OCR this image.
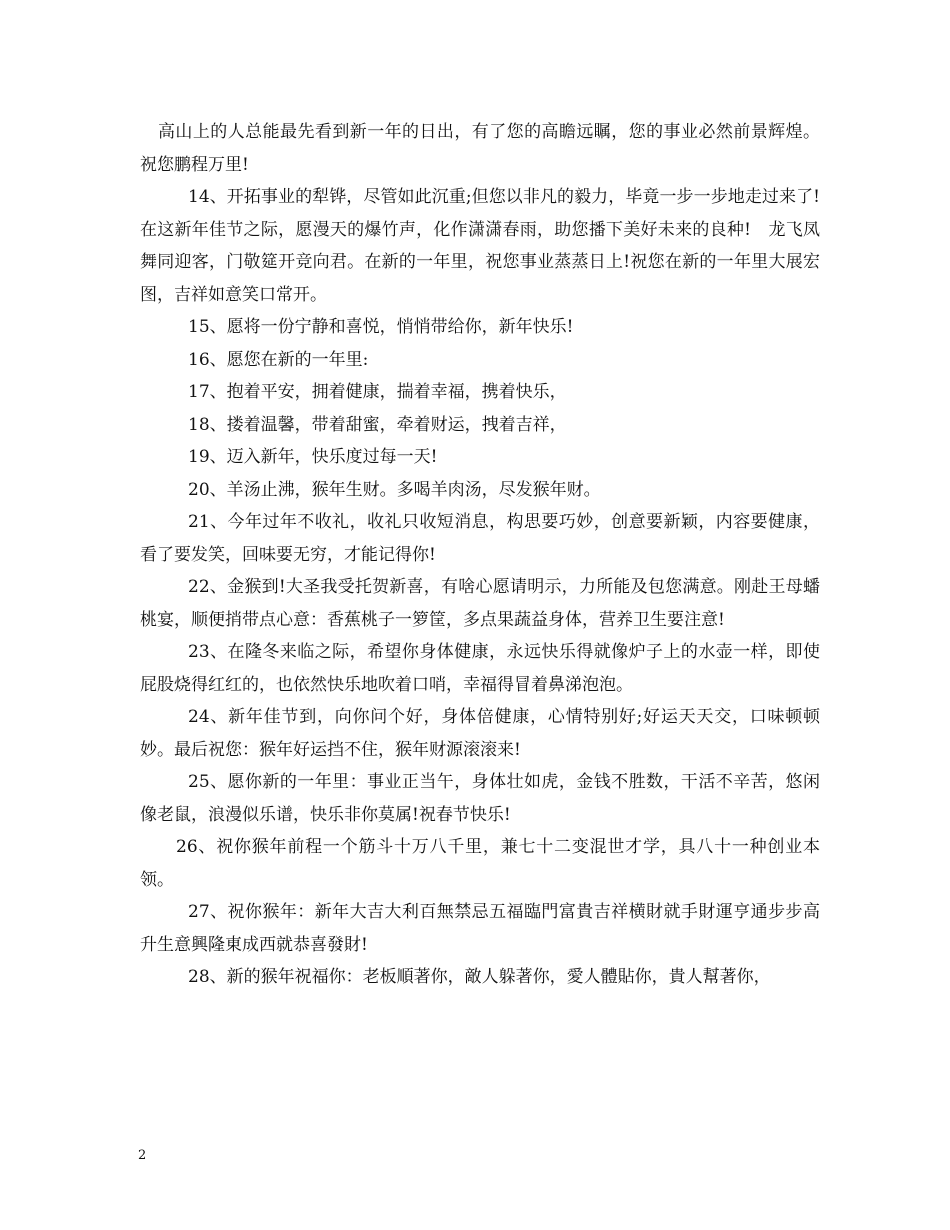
高山上的人总能最先看到新一年的日出，有了您的高瞻远瞩，您的事业必然前景辉煌。祝您鹏程万里!

14、开拓事业的犁铧，尽管如此沉重;但您以非凡的毅力，毕竟一步一步地走过来了!在这新年佳节之际，愿漫天的爆竹声，化作潇潇春雨，助您播下美好未来的良种!　龙飞凤舞同迎客，门敬筵开竞向君。在新的一年里，祝您事业蒸蒸日上!祝您在新的一年里大展宏图，吉祥如意笑口常开。

15、愿将一份宁静和喜悦，悄悄带给你，新年快乐!

16、愿您在新的一年里:

17、抱着平安，拥着健康，揣着幸福，携着快乐，

18、搂着温馨，带着甜蜜，牵着财运，拽着吉祥，

19、迈入新年，快乐度过每一天!

20、羊汤止沸，猴年生财。多喝羊肉汤，尽发猴年财。

21、今年过年不收礼，收礼只收短消息，构思要巧妙，创意要新颖，内容要健康，看了要发笑，回味要无穷，才能记得你!

22、金猴到!大圣我受托贺新喜，有啥心愿请明示，力所能及包您满意。刚赴王母蟠桃宴，顺便捎带点心意：香蕉桃子一箩筐，多点果蔬益身体，营养卫生要注意!

23、在隆冬来临之际，希望你身体健康，永远快乐得就像炉子上的水壶一样，即使屁股烧得红红的，也依然快乐地吹着口哨，幸福得冒着鼻涕泡泡。

24、新年佳节到，向你问个好，身体倍健康，心情特别好;好运天天交，口味顿顿妙。最后祝您：猴年好运挡不住，猴年财源滚滚来!

25、愿你新的一年里：事业正当午，身体壮如虎，金钱不胜数，干活不辛苦，悠闲像老鼠，浪漫似乐谱，快乐非你莫属!祝春节快乐!

26、祝你猴年前程一个筋斗十万八千里，兼七十二变混世才学，具八十一种创业本领。

27、祝你猴年：新年大吉大利百無禁忌五福臨門富貴吉祥横財就手財運亨通步步高升生意興隆東成西就恭喜發財!

28、新的猴年祝福你：老板順著你，敵人躲著你，愛人體貼你，貴人幫著你，

2
